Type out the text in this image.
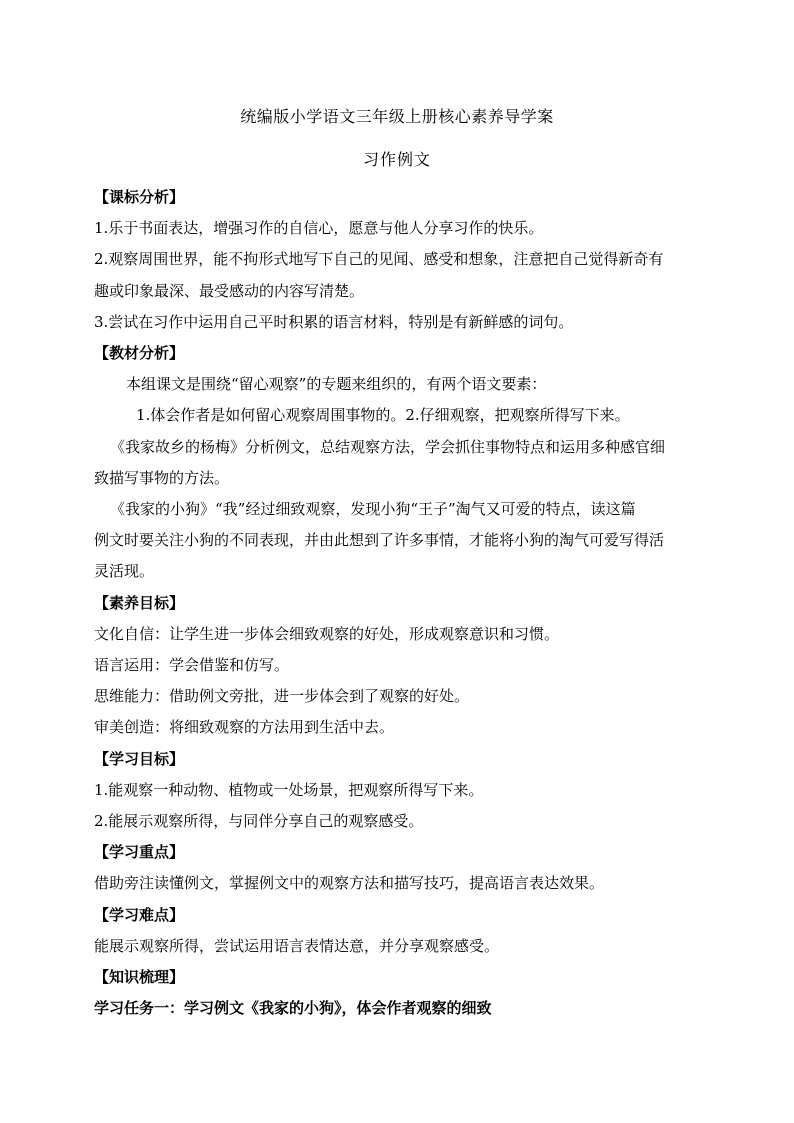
统编版小学语文三年级上册核心素养导学案
习作例文
【课标分析】
1.乐于书面表达，增强习作的自信心，愿意与他人分享习作的快乐。
2.观察周围世界，能不拘形式地写下自己的见闻、感受和想象，注意把自己觉得新奇有
趣或印象最深、最受感动的内容写清楚。
3.尝试在习作中运用自己平时积累的语言材料，特别是有新鲜感的词句。
【教材分析】
本组课文是围绕“留心观察”的专题来组织的，有两个语文要素：
1.体会作者是如何留心观察周围事物的。2.仔细观察，把观察所得写下来。
《我家故乡的杨梅》分析例文，总结观察方法，学会抓住事物特点和运用多种感官细
致描写事物的方法。
《我家的小狗》“我”经过细致观察，发现小狗“王子”淘气又可爱的特点，读这篇
例文时要关注小狗的不同表现，并由此想到了许多事情，才能将小狗的淘气可爱写得活
灵活现。
【素养目标】
文化自信：让学生进一步体会细致观察的好处，形成观察意识和习惯。
语言运用：学会借鉴和仿写。
思维能力：借助例文旁批，进一步体会到了观察的好处。
审美创造：将细致观察的方法用到生活中去。
【学习目标】
1.能观察一种动物、植物或一处场景，把观察所得写下来。
2.能展示观察所得，与同伴分享自己的观察感受。
【学习重点】
借助旁注读懂例文，掌握例文中的观察方法和描写技巧，提高语言表达效果。
【学习难点】
能展示观察所得，尝试运用语言表情达意，并分享观察感受。
【知识梳理】
学习任务一：学习例文《我家的小狗》，体会作者观察的细致
